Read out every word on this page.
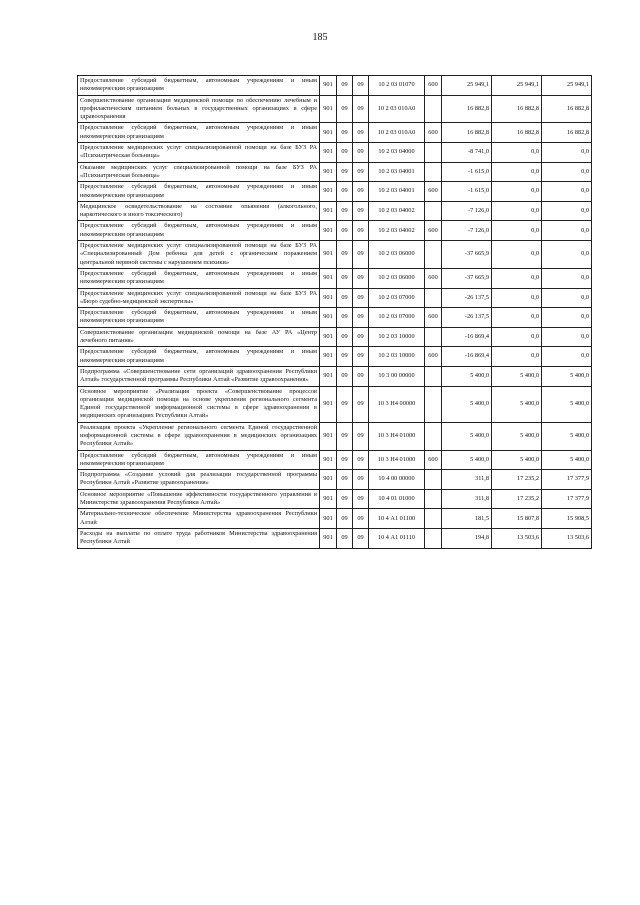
185
Предоставление субсидий бюджетным, автономным учреждениям и иным некоммерческим организациям	901	09	09	10 2 03 01070	600	25 949,1	25 949,1	25 949,1
Совершенствование организации медицинской помощи по обеспечению лечебным и профилактическим питанием больных в государственных организациях в сфере здравоохранения	901	09	09	10 2 03 010А0		16 882,8	16 882,8	16 882,8
Предоставление субсидий бюджетным, автономным учреждениям и иным некоммерческим организациям	901	09	09	10 2 03 010А0	600	16 882,8	16 882,8	16 882,8
Предоставление медицинских услуг специализированной помощи на базе БУЗ РА «Психиатрическая больница»	901	09	09	10 2 03 04000		-8 741,0	0,0	0,0
Оказание медицинских услуг специализированной помощи на базе БУЗ РА «Психиатрическая больница»	901	09	09	10 2 03 04001		-1 615,0	0,0	0,0
Предоставление субсидий бюджетным, автономным учреждениям и иным некоммерческим организациям	901	09	09	10 2 03 04001	600	-1 615,0	0,0	0,0
Медицинское освидетельствование на состояние опьянения (алкогольного, наркотического и иного токсического)	901	09	09	10 2 03 04002		-7 126,0	0,0	0,0
Предоставление субсидий бюджетным, автономным учреждениям и иным некоммерческим организациям	901	09	09	10 2 03 04002	600	-7 126,0	0,0	0,0
Предоставление медицинских услуг специализированной помощи на базе БУЗ РА «Специализированный Дом ребенка для детей с органическим поражением центральной нервной системы с нарушением психики»	901	09	09	10 2 03 06000		-37 665,9	0,0	0,0
Предоставление субсидий бюджетным, автономным учреждениям и иным некоммерческим организациям	901	09	09	10 2 03 06000	600	-37 665,9	0,0	0,0
Предоставление медицинских услуг специализированной помощи на базе БУЗ РА «Бюро судебно-медицинской экспертизы»	901	09	09	10 2 03 07000		-26 137,5	0,0	0,0
Предоставление субсидий бюджетным, автономным учреждениям и иным некоммерческим организациям	901	09	09	10 2 03 07000	600	-26 137,5	0,0	0,0
Совершенствование организации медицинской помощи на базе АУ РА «Центр лечебного питания»	901	09	09	10 2 03 10000		-16 869,4	0,0	0,0
Предоставление субсидий бюджетным, автономным учреждениям и иным некоммерческим организациям	901	09	09	10 2 03 10000	600	-16 869,4	0,0	0,0
Подпрограмма «Совершенствование сети организаций здравоохранения Республики Алтай» государственной программы Республики Алтай «Развитие здравоохранения»	901	09	09	10 3 00 00000		5 400,0	5 400,0	5 400,0
Основное мероприятие «Реализация проекта «Совершенствование процессов организации медицинской помощи на основе укрепления регионального сегмента Единой государственной информационной системы в сфере здравоохранения в медицинских организациях Республики Алтай»	901	09	09	10 3 Н4 00000		5 400,0	5 400,0	5 400,0
Реализация проекта «Укрепление регионального сегмента Единой государственной информационной системы в сфере здравоохранения в медицинских организациях Республики Алтай»	901	09	09	10 3 Н4 01000		5 400,0	5 400,0	5 400,0
Предоставление субсидий бюджетным, автономным учреждениям и иным некоммерческим организациям	901	09	09	10 3 Н4 01000	600	5 400,0	5 400,0	5 400,0
Подпрограмма «Создание условий для реализации государственной программы Республики Алтай «Развитие здравоохранения»	901	09	09	10 4 00 00000		311,8	17 235,2	17 377,9
Основное мероприятие «Повышение эффективности государственного управления в Министерстве здравоохранения Республики Алтай»	901	09	09	10 4 01 01000		311,8	17 235,2	17 377,9
Материально-техническое обеспечение Министерства здравоохранения Республики Алтай	901	09	09	10 4 А1 01100		181,5	15 807,8	15 908,5
Расходы на выплаты по оплате труда работников Министерства здравоохранения Республики Алтай	901	09	09	10 4 А1 01110		194,8	13 503,6	13 503,6
